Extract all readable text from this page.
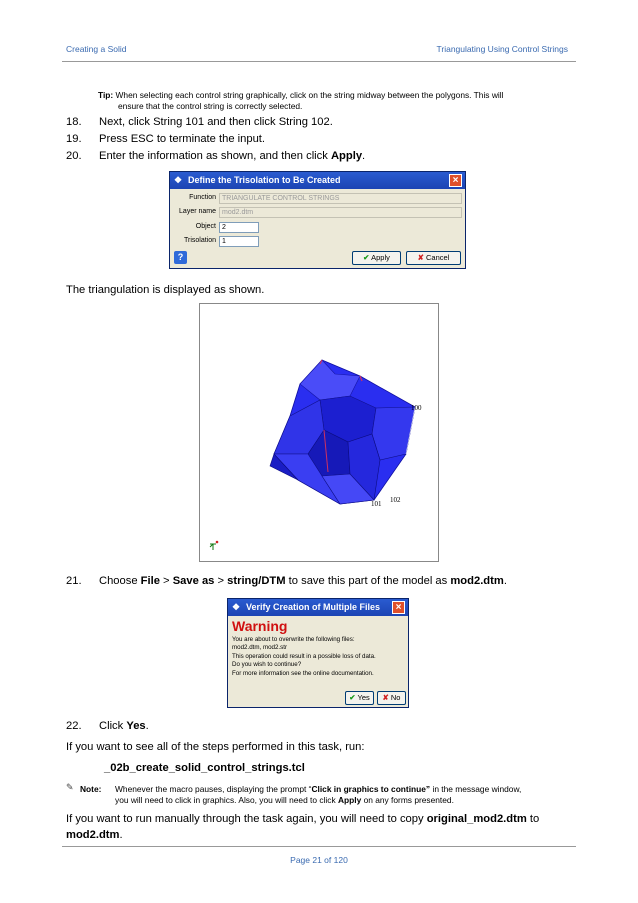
Creating a Solid	Triangulating Using Control Strings
Tip: When selecting each control string graphically, click on the string midway between the polygons. This will
ensure that the control string is correctly selected.
18. Next, click String 101 and then click String 102.
19. Press ESC to terminate the input.
20. Enter the information as shown, and then click Apply.
❖ Define the Trisolation to Be Created	×
Function TRIANGULATE CONTROL STRINGS
Layer name mod2.dtm
Object 2
Trisolation 1
?	✔ Apply	✘ Cancel
The triangulation is displayed as shown.
100
101 102
21. Choose File > Save as > string/DTM to save this part of the model as mod2.dtm.
❖ Verify Creation of Multiple Files	×
Warning
You are about to overwrite the following files:
mod2.dtm, mod2.str
This operation could result in a possible loss of data.
Do you wish to continue?
For more information see the online documentation.
✔ Yes	✘ No
22. Click Yes.
If you want to see all of the steps performed in this task, run:
_02b_create_solid_control_strings.tcl
✎ Note: Whenever the macro pauses, displaying the prompt “Click in graphics to continue” in the message window,
you will need to click in graphics. Also, you will need to click Apply on any forms presented.
If you want to run manually through the task again, you will need to copy original_mod2.dtm to
mod2.dtm.
Page 21 of 120
